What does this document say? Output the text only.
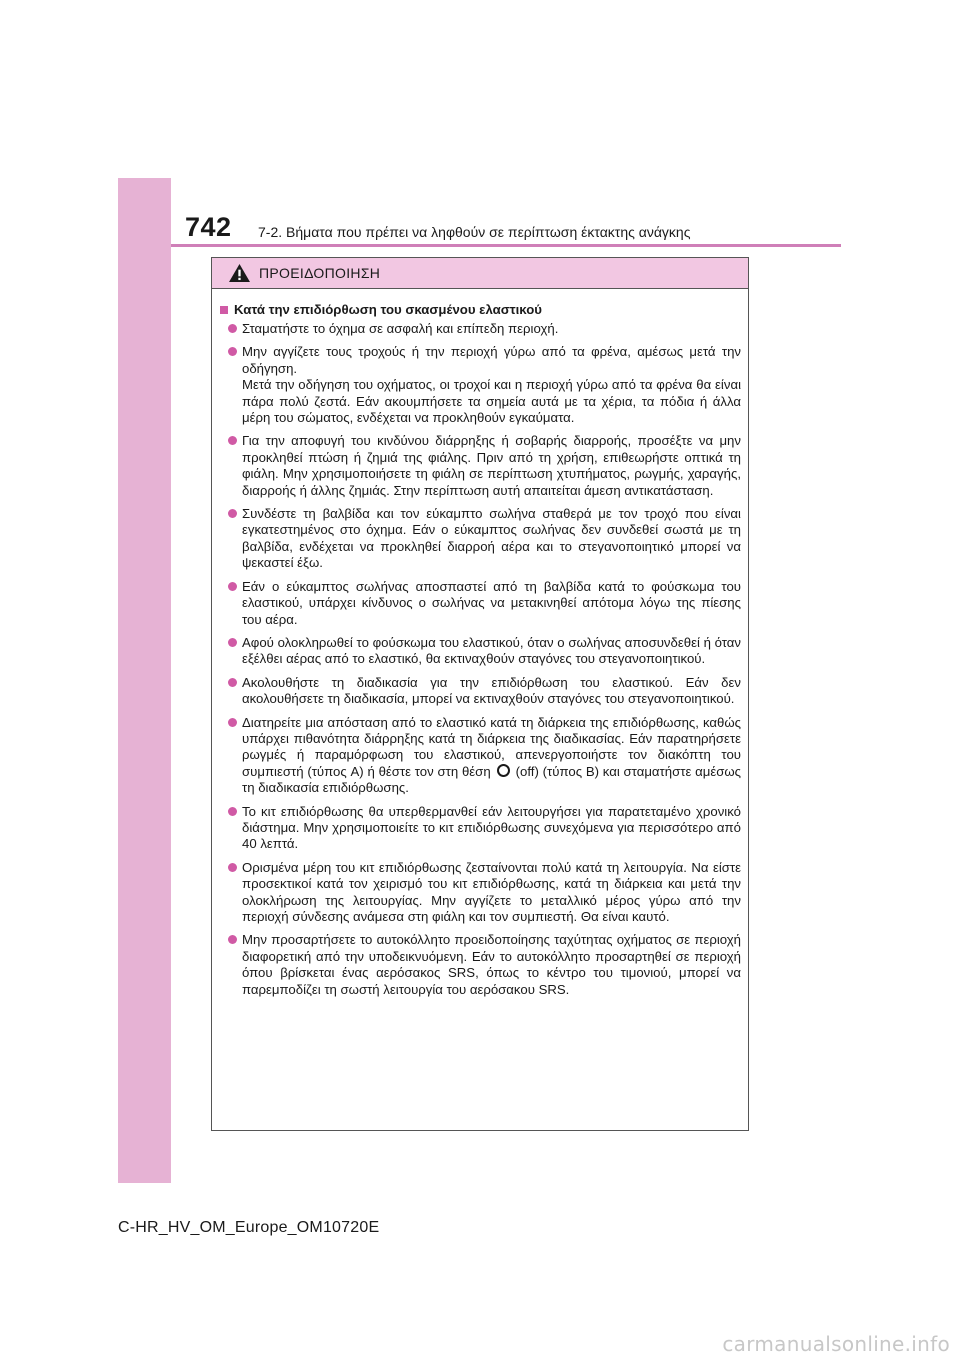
742 7-2. Βήματα που πρέπει να ληφθούν σε περίπτωση έκτακτης ανάγκης
ΠΡΟΕΙΔΟΠΟΙΗΣΗ
Κατά την επιδιόρθωση του σκασμένου ελαστικού
Σταματήστε το όχημα σε ασφαλή και επίπεδη περιοχή.
Μην αγγίζετε τους τροχούς ή την περιοχή γύρω από τα φρένα, αμέσως μετά την οδήγηση.
Μετά την οδήγηση του οχήματος, οι τροχοί και η περιοχή γύρω από τα φρένα θα είναι πάρα πολύ ζεστά. Εάν ακουμπήσετε τα σημεία αυτά με τα χέρια, τα πόδια ή άλλα μέρη του σώματος, ενδέχεται να προκληθούν εγκαύματα.
Για την αποφυγή του κινδύνου διάρρηξης ή σοβαρής διαρροής, προσέξτε να μην προκληθεί πτώση ή ζημιά της φιάλης. Πριν από τη χρήση, επιθεωρήστε οπτικά τη φιάλη. Μην χρησιμοποιήσετε τη φιάλη σε περίπτωση χτυπήματος, ρωγμής, χαραγής, διαρροής ή άλλης ζημιάς. Στην περίπτωση αυτή απαιτείται άμεση αντικατάσταση.
Συνδέστε τη βαλβίδα και τον εύκαμπτο σωλήνα σταθερά με τον τροχό που είναι εγκατεστημένος στο όχημα. Εάν ο εύκαμπτος σωλήνας δεν συνδεθεί σωστά με τη βαλβίδα, ενδέχεται να προκληθεί διαρροή αέρα και το στεγανοποιητικό μπορεί να ψεκαστεί έξω.
Εάν ο εύκαμπτος σωλήνας αποσπαστεί από τη βαλβίδα κατά το φούσκωμα του ελαστικού, υπάρχει κίνδυνος ο σωλήνας να μετακινηθεί απότομα λόγω της πίεσης του αέρα.
Αφού ολοκληρωθεί το φούσκωμα του ελαστικού, όταν ο σωλήνας αποσυνδεθεί ή όταν εξέλθει αέρας από το ελαστικό, θα εκτιναχθούν σταγόνες του στεγανοποιητικού.
Ακολουθήστε τη διαδικασία για την επιδιόρθωση του ελαστικού. Εάν δεν ακολουθήσετε τη διαδικασία, μπορεί να εκτιναχθούν σταγόνες του στεγανοποιητικού.
Διατηρείτε μια απόσταση από το ελαστικό κατά τη διάρκεια της επιδιόρθωσης, καθώς υπάρχει πιθανότητα διάρρηξης κατά τη διάρκεια της διαδικασίας. Εάν παρατηρήσετε ρωγμές ή παραμόρφωση του ελαστικού, απενεργοποιήστε τον διακόπτη του συμπιεστή (τύπος A) ή θέστε τον στη θέση (off) (τύπος B) και σταματήστε αμέσως τη διαδικασία επιδιόρθωσης.
Το κιτ επιδιόρθωσης θα υπερθερμανθεί εάν λειτουργήσει για παρατεταμένο χρονικό διάστημα. Μην χρησιμοποιείτε το κιτ επιδιόρθωσης συνεχόμενα για περισσότερο από 40 λεπτά.
Ορισμένα μέρη του κιτ επιδιόρθωσης ζεσταίνονται πολύ κατά τη λειτουργία. Να είστε προσεκτικοί κατά τον χειρισμό του κιτ επιδιόρθωσης, κατά τη διάρκεια και μετά την ολοκλήρωση της λειτουργίας. Μην αγγίζετε το μεταλλικό μέρος γύρω από την περιοχή σύνδεσης ανάμεσα στη φιάλη και τον συμπιεστή. Θα είναι καυτό.
Μην προσαρτήσετε το αυτοκόλλητο προειδοποίησης ταχύτητας οχήματος σε περιοχή διαφορετική από την υποδεικνυόμενη. Εάν το αυτοκόλλητο προσαρτηθεί σε περιοχή όπου βρίσκεται ένας αερόσακος SRS, όπως το κέντρο του τιμονιού, μπορεί να παρεμποδίζει τη σωστή λειτουργία του αερόσακου SRS.
C-HR_HV_OM_Europe_OM10720E
carmanualsonline.info
